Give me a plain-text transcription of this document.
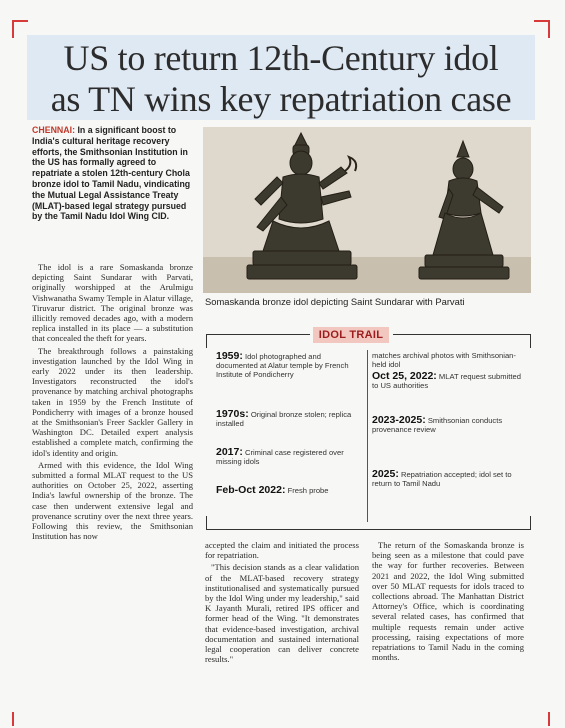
US to return 12th-Century idol
as TN wins key repatriation case
CHENNAI: In a significant boost to India's cultural heritage recovery efforts, the Smithsonian Institution in the US has formally agreed to repatriate a stolen 12th-century Chola bronze idol to Tamil Nadu, vindicating the Mutual Legal Assistance Treaty (MLAT)-based legal strategy pursued by the Tamil Nadu Idol Wing CID.

The idol is a rare Somaskanda bronze depicting Saint Sundarar with Parvati, originally worshipped at the Arulmigu Vishwanatha Swamy Temple in Alatur village, Tiruvarur district. The original bronze was illicitly removed decades ago, with a modern replica installed in its place — a substitution that concealed the theft for years.

The breakthrough follows a painstaking investigation launched by the Idol Wing in early 2022 under its then leadership. Investigators reconstructed the idol's provenance by matching archival photographs taken in 1959 by the French Institute of Pondicherry with images of a bronze housed at the Smithsonian's Freer Sackler Gallery in Washington DC. Detailed expert analysis established a complete match, confirming the idol's identity and origin.

Armed with this evidence, the Idol Wing submitted a formal MLAT request to the US authorities on October 25, 2022, asserting India's lawful ownership of the bronze. The case then underwent extensive legal and provenance scrutiny over the next three years. Following this review, the Smithsonian Institution has now

Somaskanda bronze idol depicting Saint Sundarar with Parvati
IDOL TRAIL
1959: Idol photographed and documented at Alatur temple by French Institute of Pondicherry
1970s: Original bronze stolen; replica installed
2017: Criminal case registered over missing idols
Feb-Oct 2022: Fresh probe
matches archival photos with Smithsonian-held idol
Oct 25, 2022: MLAT request submitted to US authorities
2023-2025: Smithsonian conducts provenance review
2025: Repatriation accepted; idol set to return to Tamil Nadu

accepted the claim and initiated the process for repatriation.

"This decision stands as a clear validation of the MLAT-based recovery strategy institutionalised and systematically pursued by the Idol Wing under my leadership," said K Jayanth Murali, retired IPS officer and former head of the Wing. "It demonstrates that evidence-based investigation, archival documentation and sustained international legal cooperation can deliver concrete results."

The return of the Somaskanda bronze is being seen as a milestone that could pave the way for further recoveries. Between 2021 and 2022, the Idol Wing submitted over 50 MLAT requests for idols traced to collections abroad. The Manhattan District Attorney's Office, which is coordinating several related cases, has confirmed that multiple requests remain under active processing, raising expectations of more repatriations to Tamil Nadu in the coming months.
